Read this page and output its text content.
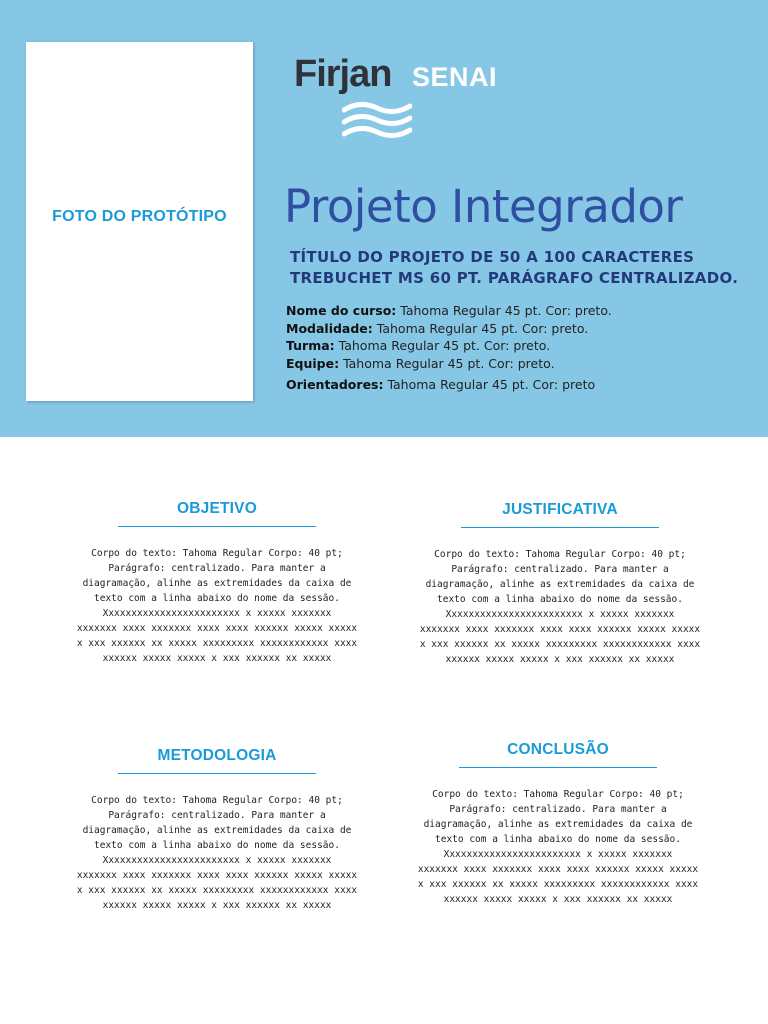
FOTO DO PROTÓTIPO
Firjan SENAI
Projeto Integrador
TÍTULO DO PROJETO DE 50 A 100 CARACTERES
TREBUCHET MS 60 PT. PARÁGRAFO CENTRALIZADO.
Nome do curso: Tahoma Regular 45 pt. Cor: preto.
Modalidade: Tahoma Regular 45 pt. Cor: preto.
Turma: Tahoma Regular 45 pt. Cor: preto.
Equipe: Tahoma Regular 45 pt. Cor: preto.
Orientadores: Tahoma Regular 45 pt. Cor: preto
OBJETIVO
Corpo do texto: Tahoma Regular Corpo: 40 pt;
Parágrafo: centralizado. Para manter a
diagramação, alinhe as extremidades da caixa de
texto com a linha abaixo do nome da sessão.
Xxxxxxxxxxxxxxxxxxxxxxxx x xxxxx xxxxxxx
xxxxxxx xxxx xxxxxxx xxxx xxxx xxxxxx xxxxx xxxxx
x xxx xxxxxx xx xxxxx xxxxxxxxx xxxxxxxxxxxx xxxx
xxxxxx xxxxx xxxxx x xxx xxxxxx xx xxxxx
JUSTIFICATIVA
Corpo do texto: Tahoma Regular Corpo: 40 pt;
Parágrafo: centralizado. Para manter a
diagramação, alinhe as extremidades da caixa de
texto com a linha abaixo do nome da sessão.
Xxxxxxxxxxxxxxxxxxxxxxxx x xxxxx xxxxxxx
xxxxxxx xxxx xxxxxxx xxxx xxxx xxxxxx xxxxx xxxxx
x xxx xxxxxx xx xxxxx xxxxxxxxx xxxxxxxxxxxx xxxx
xxxxxx xxxxx xxxxx x xxx xxxxxx xx xxxxx
METODOLOGIA
Corpo do texto: Tahoma Regular Corpo: 40 pt;
Parágrafo: centralizado. Para manter a
diagramação, alinhe as extremidades da caixa de
texto com a linha abaixo do nome da sessão.
Xxxxxxxxxxxxxxxxxxxxxxxx x xxxxx xxxxxxx
xxxxxxx xxxx xxxxxxx xxxx xxxx xxxxxx xxxxx xxxxx
x xxx xxxxxx xx xxxxx xxxxxxxxx xxxxxxxxxxxx xxxx
xxxxxx xxxxx xxxxx x xxx xxxxxx xx xxxxx
CONCLUSÃO
Corpo do texto: Tahoma Regular Corpo: 40 pt;
Parágrafo: centralizado. Para manter a
diagramação, alinhe as extremidades da caixa de
texto com a linha abaixo do nome da sessão.
Xxxxxxxxxxxxxxxxxxxxxxxx x xxxxx xxxxxxx
xxxxxxx xxxx xxxxxxx xxxx xxxx xxxxxx xxxxx xxxxx
x xxx xxxxxx xx xxxxx xxxxxxxxx xxxxxxxxxxxx xxxx
xxxxxx xxxxx xxxxx x xxx xxxxxx xx xxxxx
